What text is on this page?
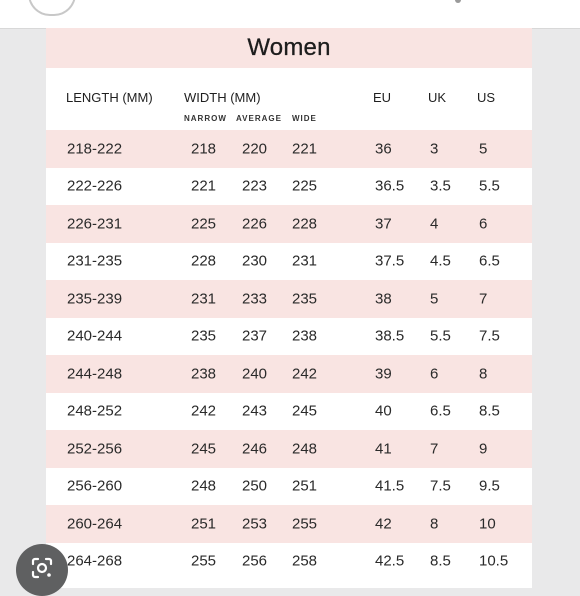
Women
LENGTH (MM) WIDTH (MM)
NARROW AVERAGE WIDE
EU	UK US
218-222	218 220 221	36	3	5
222-226	221 223 225	36.5 3.5 5.5
226-231	225 226 228	37	4	6
231-235	228 230 231	37.5 4.5 6.5
235-239	231 233 235	38	5	7
240-244	235 237 238	38.5 5.5 7.5
244-248	238 240 242	39	6	8
248-252	242 243 245	40	6.5 8.5
252-256	245 246 248	41	7	9
256-260	248 250 251	41.5 7.5 9.5
260-264	251 253 255	42	8	10
264-268	255 256 258	42.5 8.5 10.5
